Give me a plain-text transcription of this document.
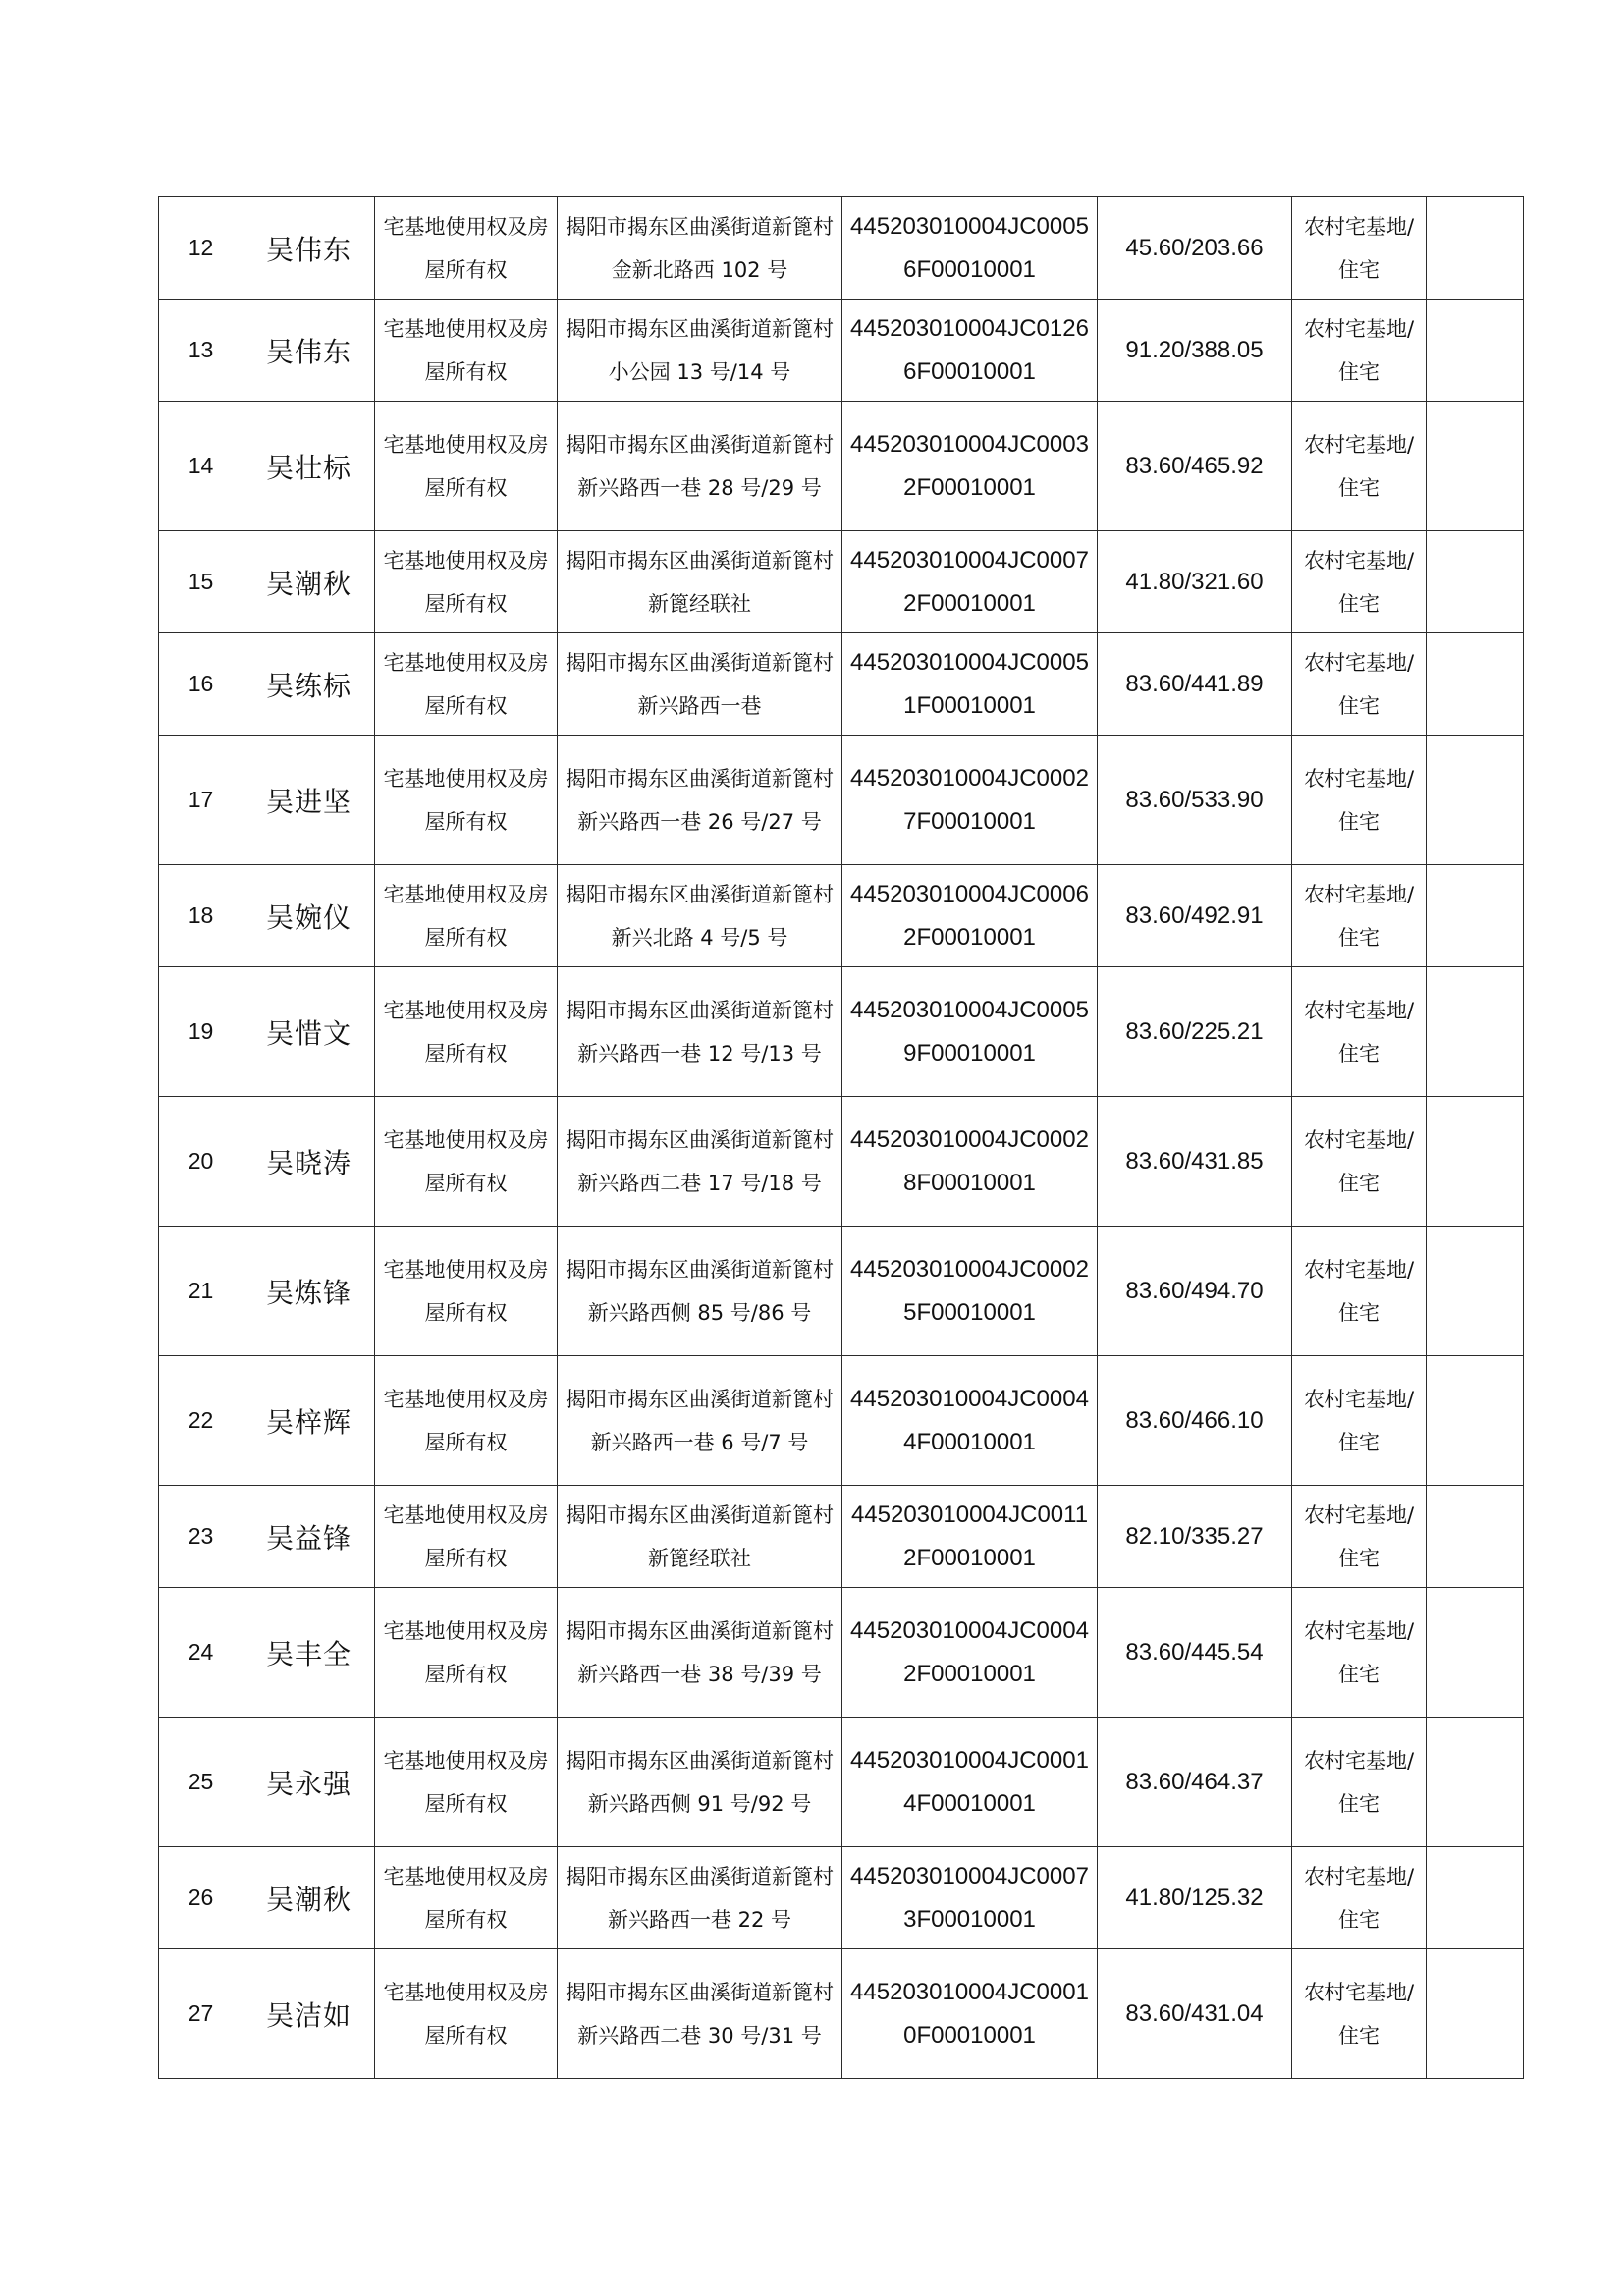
12	吴伟东	宅基地使用权及房屋所有权	揭阳市揭东区曲溪街道新篦村金新北路西 102 号	445203010004JC00056F00010001	45.60/203.66	农村宅基地/住宅	
13	吴伟东	宅基地使用权及房屋所有权	揭阳市揭东区曲溪街道新篦村小公园 13 号/14 号	445203010004JC01266F00010001	91.20/388.05	农村宅基地/住宅	
14	吴壮标	宅基地使用权及房屋所有权	揭阳市揭东区曲溪街道新篦村新兴路西一巷 28 号/29 号	445203010004JC00032F00010001	83.60/465.92	农村宅基地/住宅	
15	吴潮秋	宅基地使用权及房屋所有权	揭阳市揭东区曲溪街道新篦村新篦经联社	445203010004JC00072F00010001	41.80/321.60	农村宅基地/住宅	
16	吴练标	宅基地使用权及房屋所有权	揭阳市揭东区曲溪街道新篦村新兴路西一巷	445203010004JC00051F00010001	83.60/441.89	农村宅基地/住宅	
17	吴进坚	宅基地使用权及房屋所有权	揭阳市揭东区曲溪街道新篦村新兴路西一巷 26 号/27 号	445203010004JC00027F00010001	83.60/533.90	农村宅基地/住宅	
18	吴婉仪	宅基地使用权及房屋所有权	揭阳市揭东区曲溪街道新篦村新兴北路 4 号/5 号	445203010004JC00062F00010001	83.60/492.91	农村宅基地/住宅	
19	吴惜文	宅基地使用权及房屋所有权	揭阳市揭东区曲溪街道新篦村新兴路西一巷 12 号/13 号	445203010004JC00059F00010001	83.60/225.21	农村宅基地/住宅	
20	吴晓涛	宅基地使用权及房屋所有权	揭阳市揭东区曲溪街道新篦村新兴路西二巷 17 号/18 号	445203010004JC00028F00010001	83.60/431.85	农村宅基地/住宅	
21	吴炼锋	宅基地使用权及房屋所有权	揭阳市揭东区曲溪街道新篦村新兴路西侧 85 号/86 号	445203010004JC00025F00010001	83.60/494.70	农村宅基地/住宅	
22	吴梓辉	宅基地使用权及房屋所有权	揭阳市揭东区曲溪街道新篦村新兴路西一巷 6 号/7 号	445203010004JC00044F00010001	83.60/466.10	农村宅基地/住宅	
23	吴益锋	宅基地使用权及房屋所有权	揭阳市揭东区曲溪街道新篦村新篦经联社	445203010004JC00112F00010001	82.10/335.27	农村宅基地/住宅	
24	吴丰全	宅基地使用权及房屋所有权	揭阳市揭东区曲溪街道新篦村新兴路西一巷 38 号/39 号	445203010004JC00042F00010001	83.60/445.54	农村宅基地/住宅	
25	吴永强	宅基地使用权及房屋所有权	揭阳市揭东区曲溪街道新篦村新兴路西侧 91 号/92 号	445203010004JC00014F00010001	83.60/464.37	农村宅基地/住宅	
26	吴潮秋	宅基地使用权及房屋所有权	揭阳市揭东区曲溪街道新篦村新兴路西一巷 22 号	445203010004JC00073F00010001	41.80/125.32	农村宅基地/住宅	
27	吴洁如	宅基地使用权及房屋所有权	揭阳市揭东区曲溪街道新篦村新兴路西二巷 30 号/31 号	445203010004JC00010F00010001	83.60/431.04	农村宅基地/住宅	
